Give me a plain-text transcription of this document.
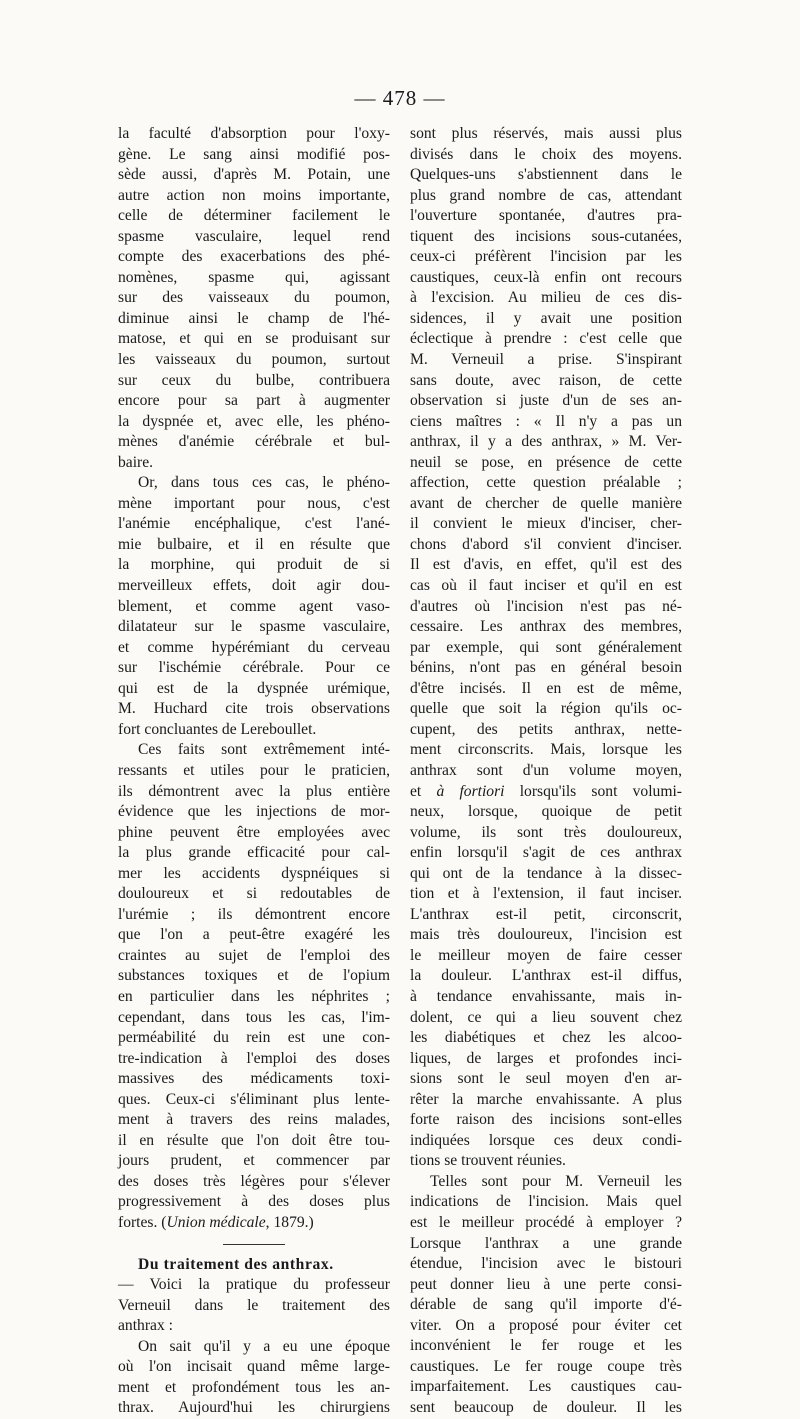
— 478 —
la faculté d'absorption pour l'oxy-
gène. Le sang ainsi modifié pos-
sède aussi, d'après M. Potain, une
autre action non moins importante,
celle de déterminer facilement le
spasme vasculaire, lequel rend
compte des exacerbations des phé-
nomènes, spasme qui, agissant
sur des vaisseaux du poumon,
diminue ainsi le champ de l'hé-
matose, et qui en se produisant sur
les vaisseaux du poumon, surtout
sur ceux du bulbe, contribuera
encore pour sa part à augmenter
la dyspnée et, avec elle, les phéno-
mènes d'anémie cérébrale et bul-
baire.
Or, dans tous ces cas, le phéno-
mène important pour nous, c'est
l'anémie encéphalique, c'est l'ané-
mie bulbaire, et il en résulte que
la morphine, qui produit de si
merveilleux effets, doit agir dou-
blement, et comme agent vaso-
dilatateur sur le spasme vasculaire,
et comme hypérémiant du cerveau
sur l'ischémie cérébrale. Pour ce
qui est de la dyspnée urémique,
M. Huchard cite trois observations
fort concluantes de Lereboullet.
Ces faits sont extrêmement inté-
ressants et utiles pour le praticien,
ils démontrent avec la plus entière
évidence que les injections de mor-
phine peuvent être employées avec
la plus grande efficacité pour cal-
mer les accidents dyspnéiques si
douloureux et si redoutables de
l'urémie ; ils démontrent encore
que l'on a peut-être exagéré les
craintes au sujet de l'emploi des
substances toxiques et de l'opium
en particulier dans les néphrites ;
cependant, dans tous les cas, l'im-
perméabilité du rein est une con-
tre-indication à l'emploi des doses
massives des médicaments toxi-
ques. Ceux-ci s'éliminant plus lente-
ment à travers des reins malades,
il en résulte que l'on doit être tou-
jours prudent, et commencer par
des doses très légères pour s'élever
progressivement à des doses plus
fortes. (Union médicale, 1879.)
Du traitement des anthrax.
— Voici la pratique du professeur
Verneuil dans le traitement des
anthrax :
On sait qu'il y a eu une époque
où l'on incisait quand même large-
ment et profondément tous les an-
thrax. Aujourd'hui les chirurgiens
sont plus réservés, mais aussi plus
divisés dans le choix des moyens.
Quelques-uns s'abstiennent dans le
plus grand nombre de cas, attendant
l'ouverture spontanée, d'autres pra-
tiquent des incisions sous-cutanées,
ceux-ci préfèrent l'incision par les
caustiques, ceux-là enfin ont recours
à l'excision. Au milieu de ces dis-
sidences, il y avait une position
éclectique à prendre : c'est celle que
M. Verneuil a prise. S'inspirant
sans doute, avec raison, de cette
observation si juste d'un de ses an-
ciens maîtres : « Il n'y a pas un
anthrax, il y a des anthrax, » M. Ver-
neuil se pose, en présence de cette
affection, cette question préalable ;
avant de chercher de quelle manière
il convient le mieux d'inciser, cher-
chons d'abord s'il convient d'inciser.
Il est d'avis, en effet, qu'il est des
cas où il faut inciser et qu'il en est
d'autres où l'incision n'est pas né-
cessaire. Les anthrax des membres,
par exemple, qui sont généralement
bénins, n'ont pas en général besoin
d'être incisés. Il en est de même,
quelle que soit la région qu'ils oc-
cupent, des petits anthrax, nette-
ment circonscrits. Mais, lorsque les
anthrax sont d'un volume moyen,
et à fortiori lorsqu'ils sont volumi-
neux, lorsque, quoique de petit
volume, ils sont très douloureux,
enfin lorsqu'il s'agit de ces anthrax
qui ont de la tendance à la dissec-
tion et à l'extension, il faut inciser.
L'anthrax est-il petit, circonscrit,
mais très douloureux, l'incision est
le meilleur moyen de faire cesser
la douleur. L'anthrax est-il diffus,
à tendance envahissante, mais in-
dolent, ce qui a lieu souvent chez
les diabétiques et chez les alcoo-
liques, de larges et profondes inci-
sions sont le seul moyen d'en ar-
rêter la marche envahissante. A plus
forte raison des incisions sont-elles
indiquées lorsque ces deux condi-
tions se trouvent réunies.
Telles sont pour M. Verneuil les
indications de l'incision. Mais quel
est le meilleur procédé à employer ?
Lorsque l'anthrax a une grande
étendue, l'incision avec le bistouri
peut donner lieu à une perte consi-
dérable de sang qu'il importe d'é-
viter. On a proposé pour éviter cet
inconvénient le fer rouge et les
caustiques. Le fer rouge coupe très
imparfaitement. Les caustiques cau-
sent beaucoup de douleur. Il les
